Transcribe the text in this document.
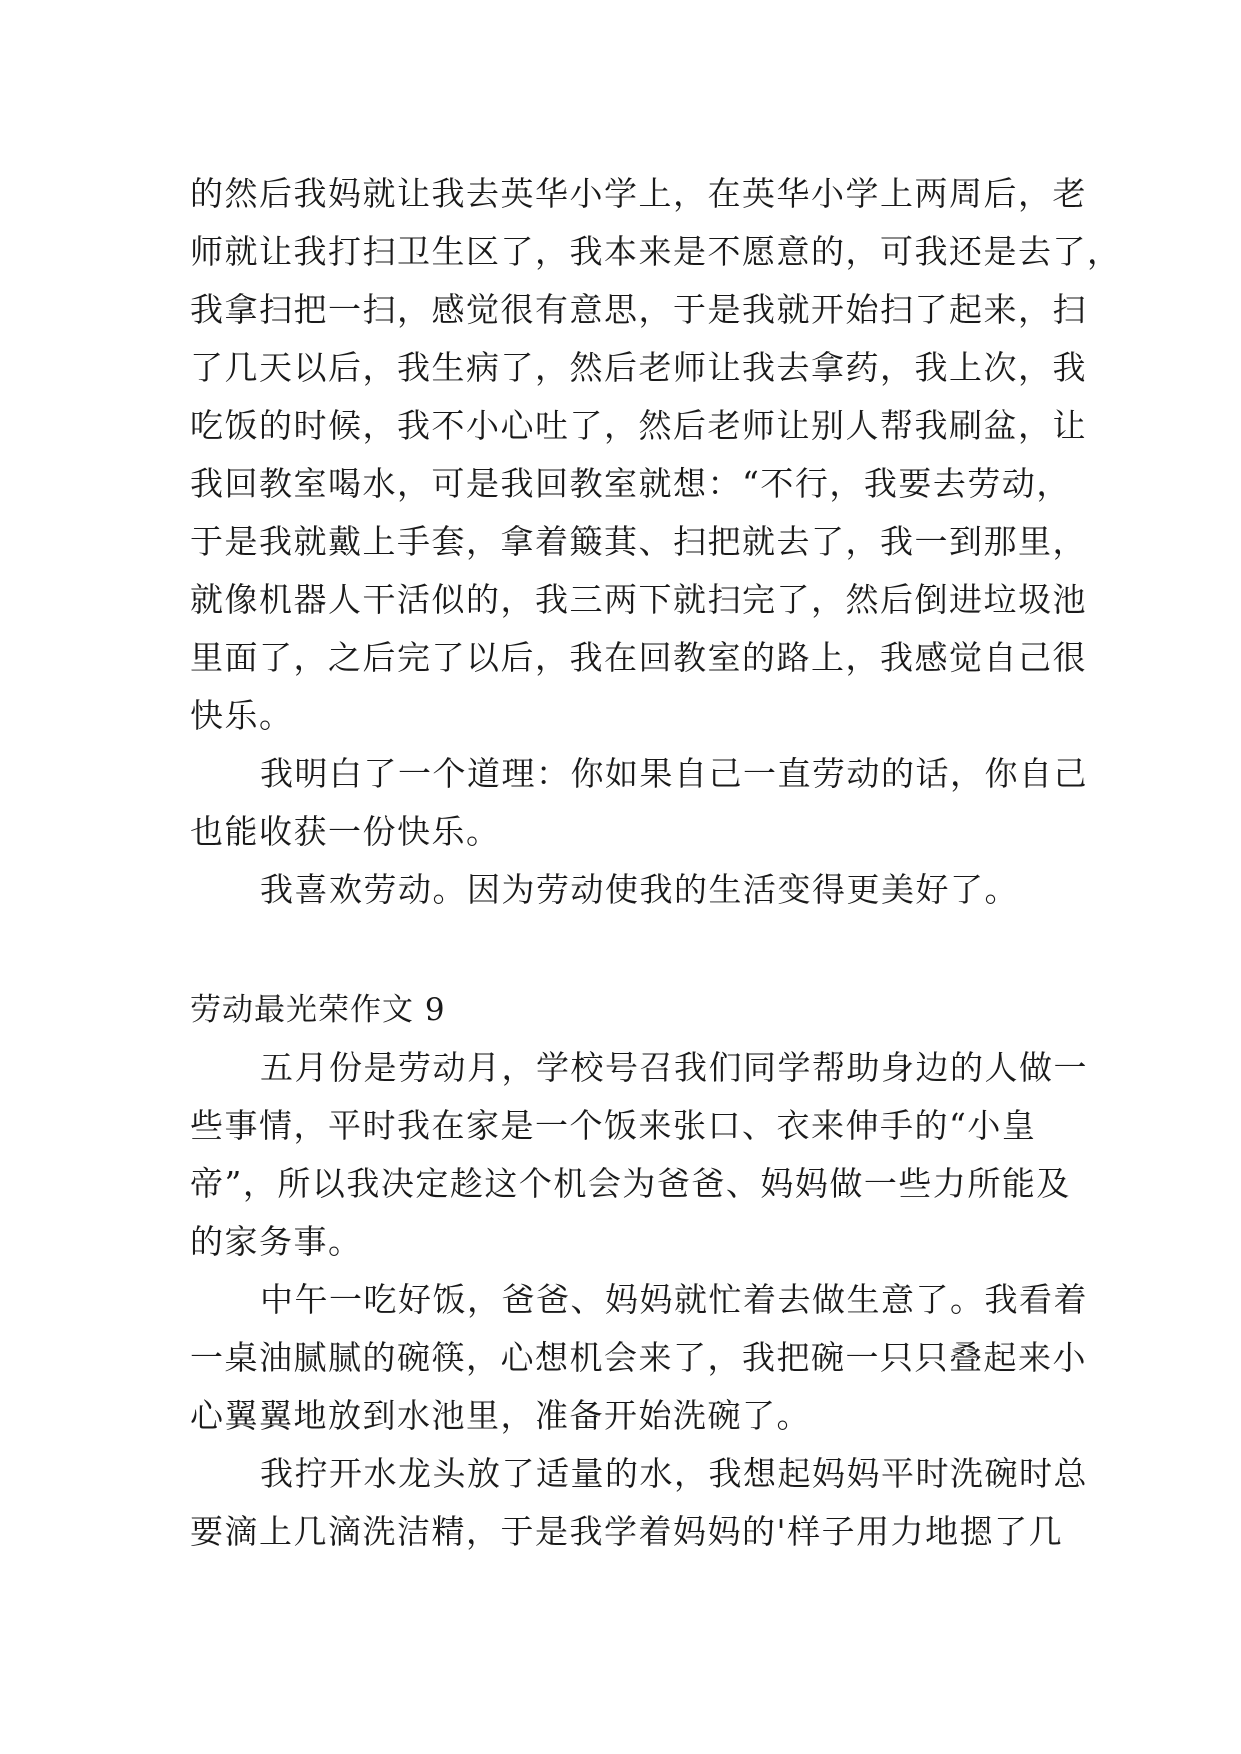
的然后我妈就让我去英华小学上，在英华小学上两周后，老
师就让我打扫卫生区了，我本来是不愿意的，可我还是去了，
我拿扫把一扫，感觉很有意思，于是我就开始扫了起来，扫
了几天以后，我生病了，然后老师让我去拿药，我上次，我
吃饭的时候，我不小心吐了，然后老师让别人帮我刷盆，让
我回教室喝水，可是我回教室就想：“不行，我要去劳动，
于是我就戴上手套，拿着簸萁、扫把就去了，我一到那里，
就像机器人干活似的，我三两下就扫完了，然后倒进垃圾池
里面了，之后完了以后，我在回教室的路上，我感觉自己很
快乐。
我明白了一个道理：你如果自己一直劳动的话，你自己
也能收获一份快乐。
我喜欢劳动。因为劳动使我的生活变得更美好了。
劳动最光荣作文 9
五月份是劳动月，学校号召我们同学帮助身边的人做一
些事情，平时我在家是一个饭来张口、衣来伸手的“小皇
帝”，所以我决定趁这个机会为爸爸、妈妈做一些力所能及
的家务事。
中午一吃好饭，爸爸、妈妈就忙着去做生意了。我看着
一桌油腻腻的碗筷，心想机会来了，我把碗一只只叠起来小
心翼翼地放到水池里，准备开始洗碗了。
我拧开水龙头放了适量的水，我想起妈妈平时洗碗时总
要滴上几滴洗洁精，于是我学着妈妈的'样子用力地摁了几
